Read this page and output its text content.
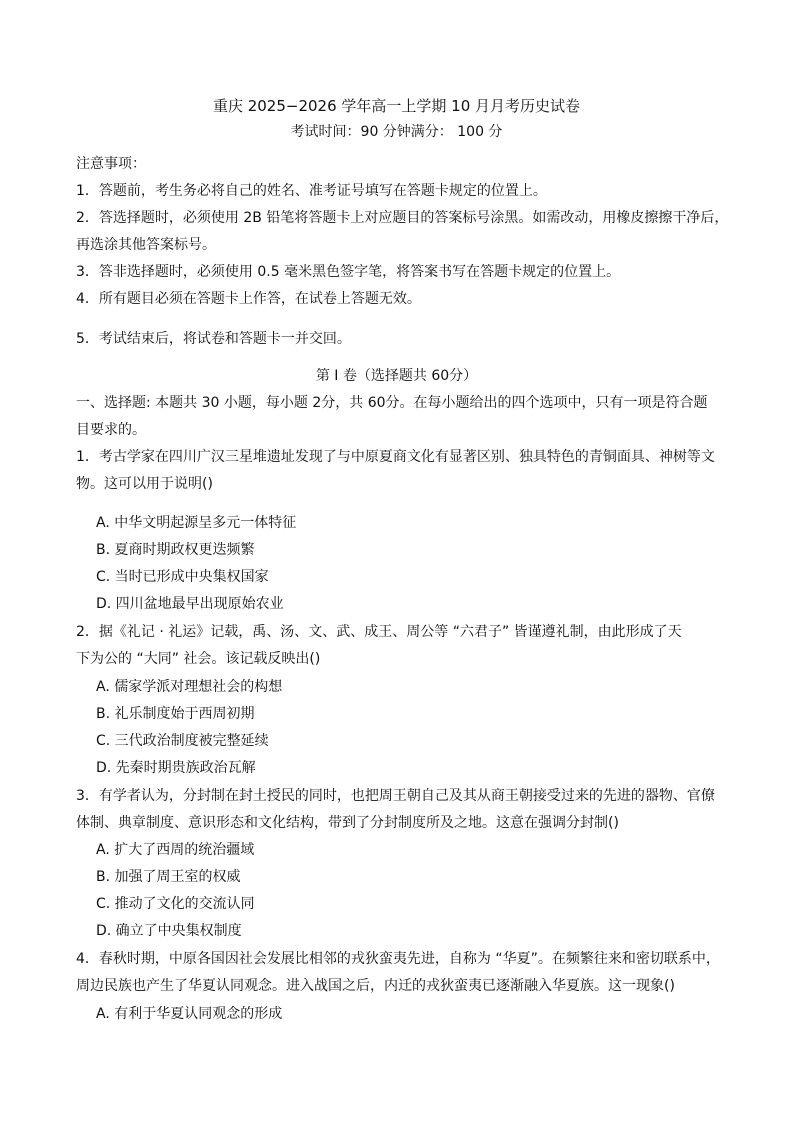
重庆 2025−2026 学年高一上学期 10 月月考历史试卷
考试时间：90 分钟满分： 100 分
注意事项：
1．答题前，考生务必将自己的姓名、准考证号填写在答题卡规定的位置上。
2．答选择题时，必须使用 2B 铅笔将答题卡上对应题目的答案标号涂黑。如需改动，用橡皮擦擦干净后，
再选涂其他答案标号。
3．答非选择题时，必须使用 0.5 毫米黑色签字笔，将答案书写在答题卡规定的位置上。
4．所有题目必须在答题卡上作答，在试卷上答题无效。
5．考试结束后，将试卷和答题卡一并交回。
第 I 卷（选择题共 60分）
一、选择题: 本题共 30 小题，每小题 2分，共 60分。在每小题给出的四个选项中，只有一项是符合题
目要求的。
1．考古学家在四川广汉三星堆遗址发现了与中原夏商文化有显著区别、独具特色的青铜面具、神树等文
物。这可以用于说明()
A. 中华文明起源呈多元一体特征
B. 夏商时期政权更迭频繁
C. 当时已形成中央集权国家
D. 四川盆地最早出现原始农业
2．据《礼记 · 礼运》记载，禹、汤、文、武、成王、周公等 “六君子” 皆谨遵礼制，由此形成了天
下为公的 “大同” 社会。该记载反映出()
A. 儒家学派对理想社会的构想
B. 礼乐制度始于西周初期
C. 三代政治制度被完整延续
D. 先秦时期贵族政治瓦解
3．有学者认为，分封制在封土授民的同时，也把周王朝自己及其从商王朝接受过来的先进的器物、官僚
体制、典章制度、意识形态和文化结构，带到了分封制度所及之地。这意在强调分封制()
A. 扩大了西周的统治疆域
B. 加强了周王室的权威
C. 推动了文化的交流认同
D. 确立了中央集权制度
4．春秋时期，中原各国因社会发展比相邻的戎狄蛮夷先进，自称为 “华夏”。在频繁往来和密切联系中，
周边民族也产生了华夏认同观念。进入战国之后，内迁的戎狄蛮夷已逐渐融入华夏族。这一现象()
A. 有利于华夏认同观念的形成
